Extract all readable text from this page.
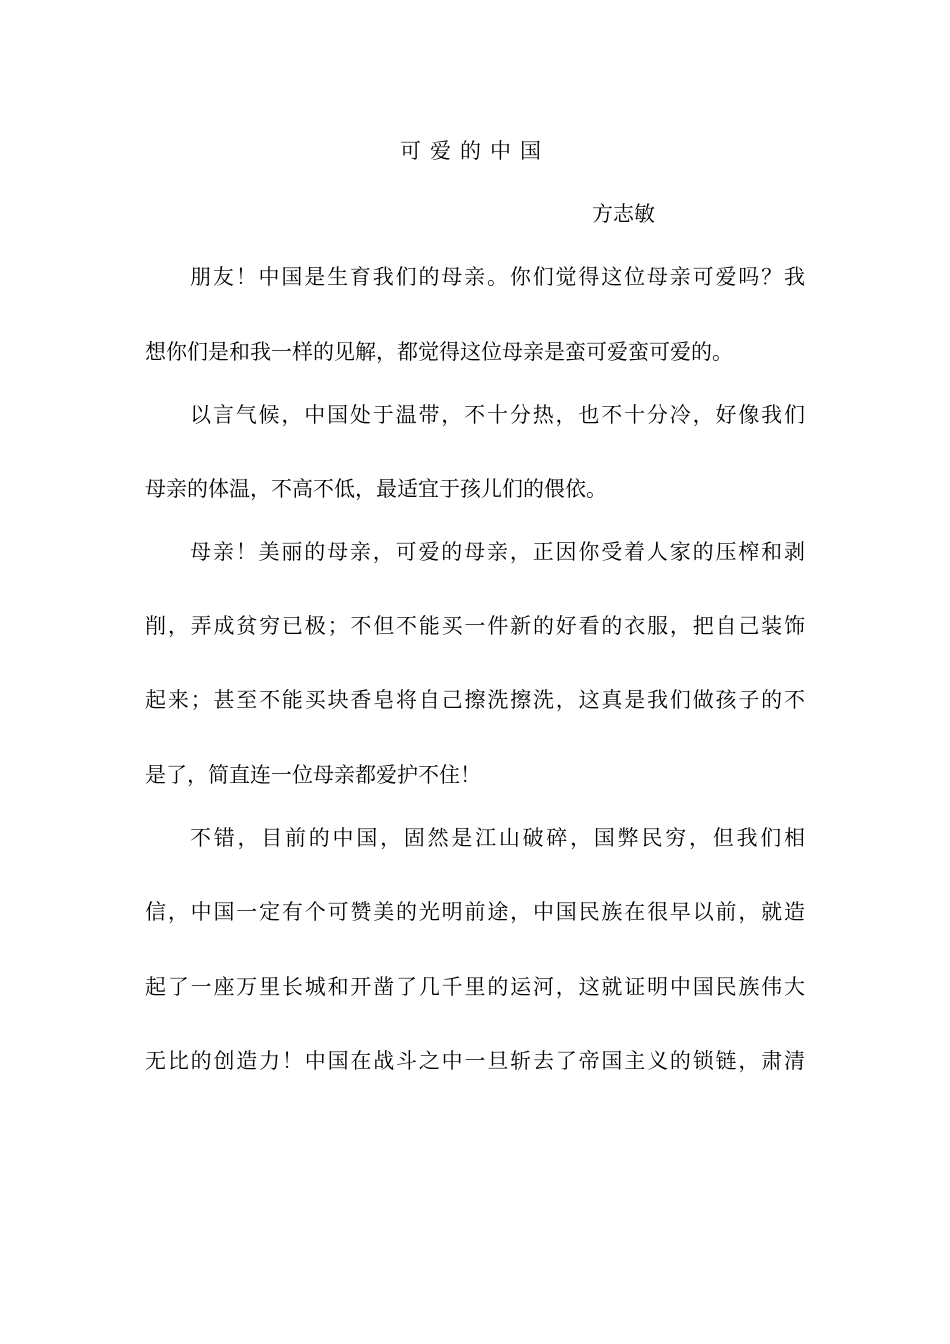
可爱的中国
方志敏
朋友！中国是生育我们的母亲。你们觉得这位母亲可爱吗？我
想你们是和我一样的见解，都觉得这位母亲是蛮可爱蛮可爱的。
以言气候，中国处于温带，不十分热，也不十分冷，好像我们
母亲的体温，不高不低，最适宜于孩儿们的偎依。
母亲！美丽的母亲，可爱的母亲，正因你受着人家的压榨和剥
削，弄成贫穷已极；不但不能买一件新的好看的衣服，把自己装饰
起来；甚至不能买块香皂将自己擦洗擦洗，这真是我们做孩子的不
是了，简直连一位母亲都爱护不住！
不错，目前的中国，固然是江山破碎，国弊民穷，但我们相
信，中国一定有个可赞美的光明前途，中国民族在很早以前，就造
起了一座万里长城和开凿了几千里的运河，这就证明中国民族伟大
无比的创造力！中国在战斗之中一旦斩去了帝国主义的锁链，肃清
